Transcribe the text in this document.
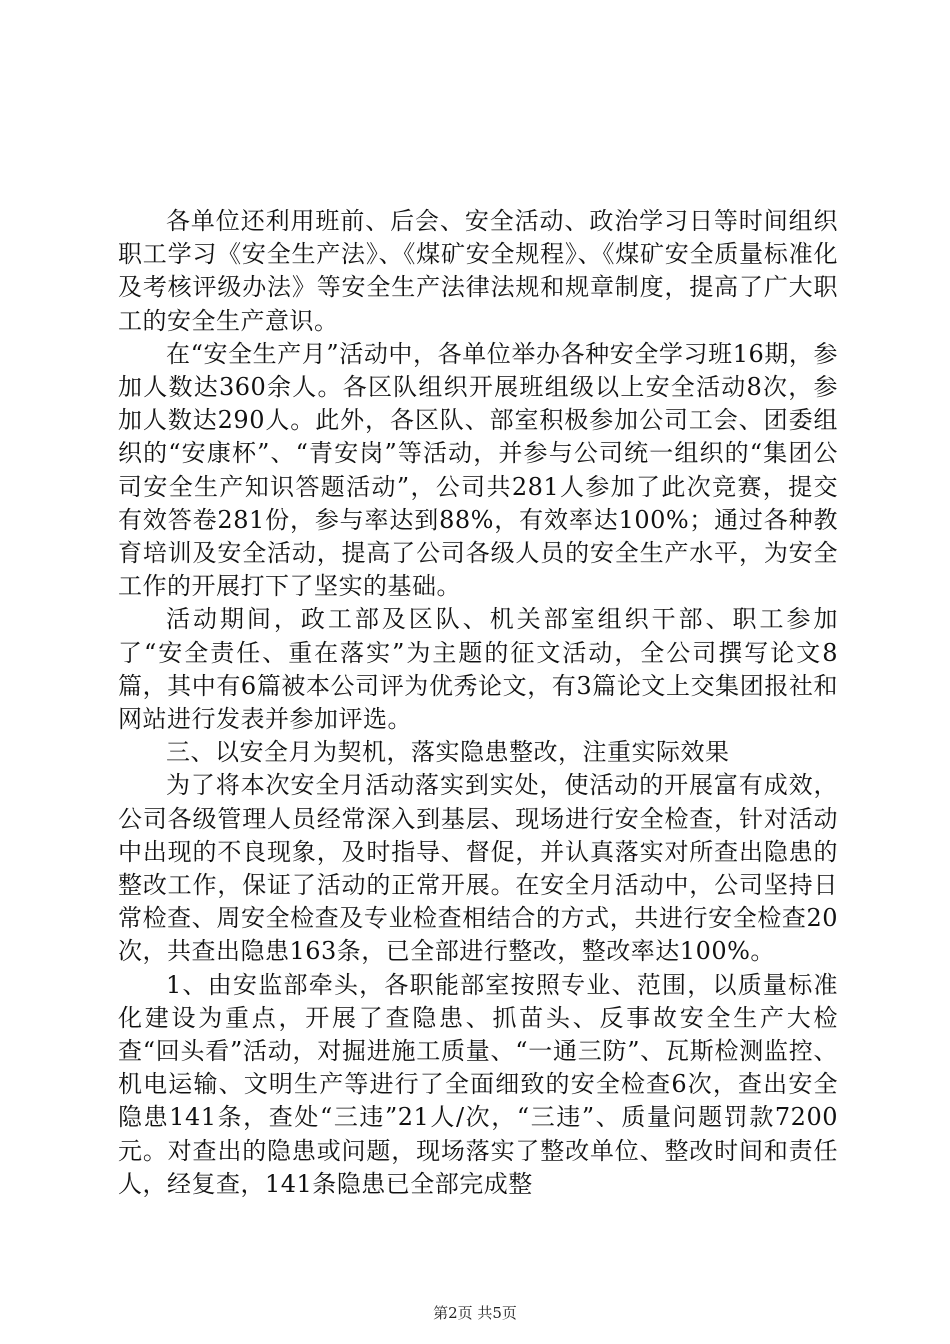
各单位还利用班前、后会、安全活动、政治学习日等时间组织职工学习《安全生产法》、《煤矿安全规程》、《煤矿安全质量标准化及考核评级办法》等安全生产法律法规和规章制度，提高了广大职工的安全生产意识。

在“安全生产月”活动中，各单位举办各种安全学习班16期，参加人数达360余人。各区队组织开展班组级以上安全活动8次，参加人数达290人。此外，各区队、部室积极参加公司工会、团委组织的“安康杯”、“青安岗”等活动，并参与公司统一组织的“集团公司安全生产知识答题活动”，公司共281人参加了此次竞赛，提交有效答卷281份，参与率达到88%，有效率达100%；通过各种教育培训及安全活动，提高了公司各级人员的安全生产水平，为安全工作的开展打下了坚实的基础。

活动期间，政工部及区队、机关部室组织干部、职工参加了“安全责任、重在落实”为主题的征文活动，全公司撰写论文8篇，其中有6篇被本公司评为优秀论文，有3篇论文上交集团报社和网站进行发表并参加评选。

三、以安全月为契机，落实隐患整改，注重实际效果

为了将本次安全月活动落实到实处，使活动的开展富有成效，公司各级管理人员经常深入到基层、现场进行安全检查，针对活动中出现的不良现象，及时指导、督促，并认真落实对所查出隐患的整改工作，保证了活动的正常开展。在安全月活动中，公司坚持日常检查、周安全检查及专业检查相结合的方式，共进行安全检查20次，共查出隐患163条，已全部进行整改，整改率达100%。

1、由安监部牵头，各职能部室按照专业、范围，以质量标准化建设为重点，开展了查隐患、抓苗头、反事故安全生产大检查“回头看”活动，对掘进施工质量、“一通三防”、瓦斯检测监控、机电运输、文明生产等进行了全面细致的安全检查6次，查出安全隐患141条，查处“三违”21人/次，“三违”、质量问题罚款7200元。对查出的隐患或问题，现场落实了整改单位、整改时间和责任人，经复查，141条隐患已全部完成整

第2页 共5页
